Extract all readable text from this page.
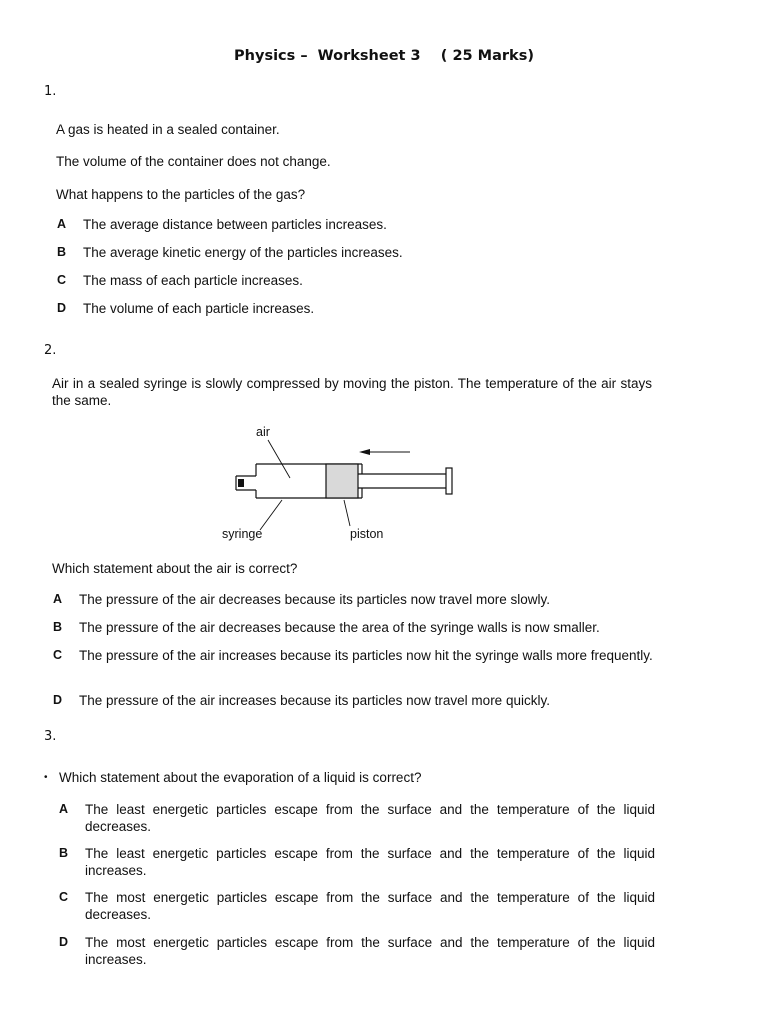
Physics –  Worksheet 3    ( 25 Marks)
1.
A gas is heated in a sealed container.
The volume of the container does not change.
What happens to the particles of the gas?
A The average distance between particles increases.
B The average kinetic energy of the particles increases.
C The mass of each particle increases.
D The volume of each particle increases.
2.
Air in a sealed syringe is slowly compressed by moving the piston. The temperature of the air stays the same.
air
syringe	piston
Which statement about the air is correct?
A The pressure of the air decreases because its particles now travel more slowly.
B The pressure of the air decreases because the area of the syringe walls is now smaller.
C The pressure of the air increases because its particles now hit the syringe walls more frequently.
D The pressure of the air increases because its particles now travel more quickly.
3.
• Which statement about the evaporation of a liquid is correct?
A The least energetic particles escape from the surface and the temperature of the liquid decreases.
B The least energetic particles escape from the surface and the temperature of the liquid increases.
C The most energetic particles escape from the surface and the temperature of the liquid decreases.
D The most energetic particles escape from the surface and the temperature of the liquid increases.
